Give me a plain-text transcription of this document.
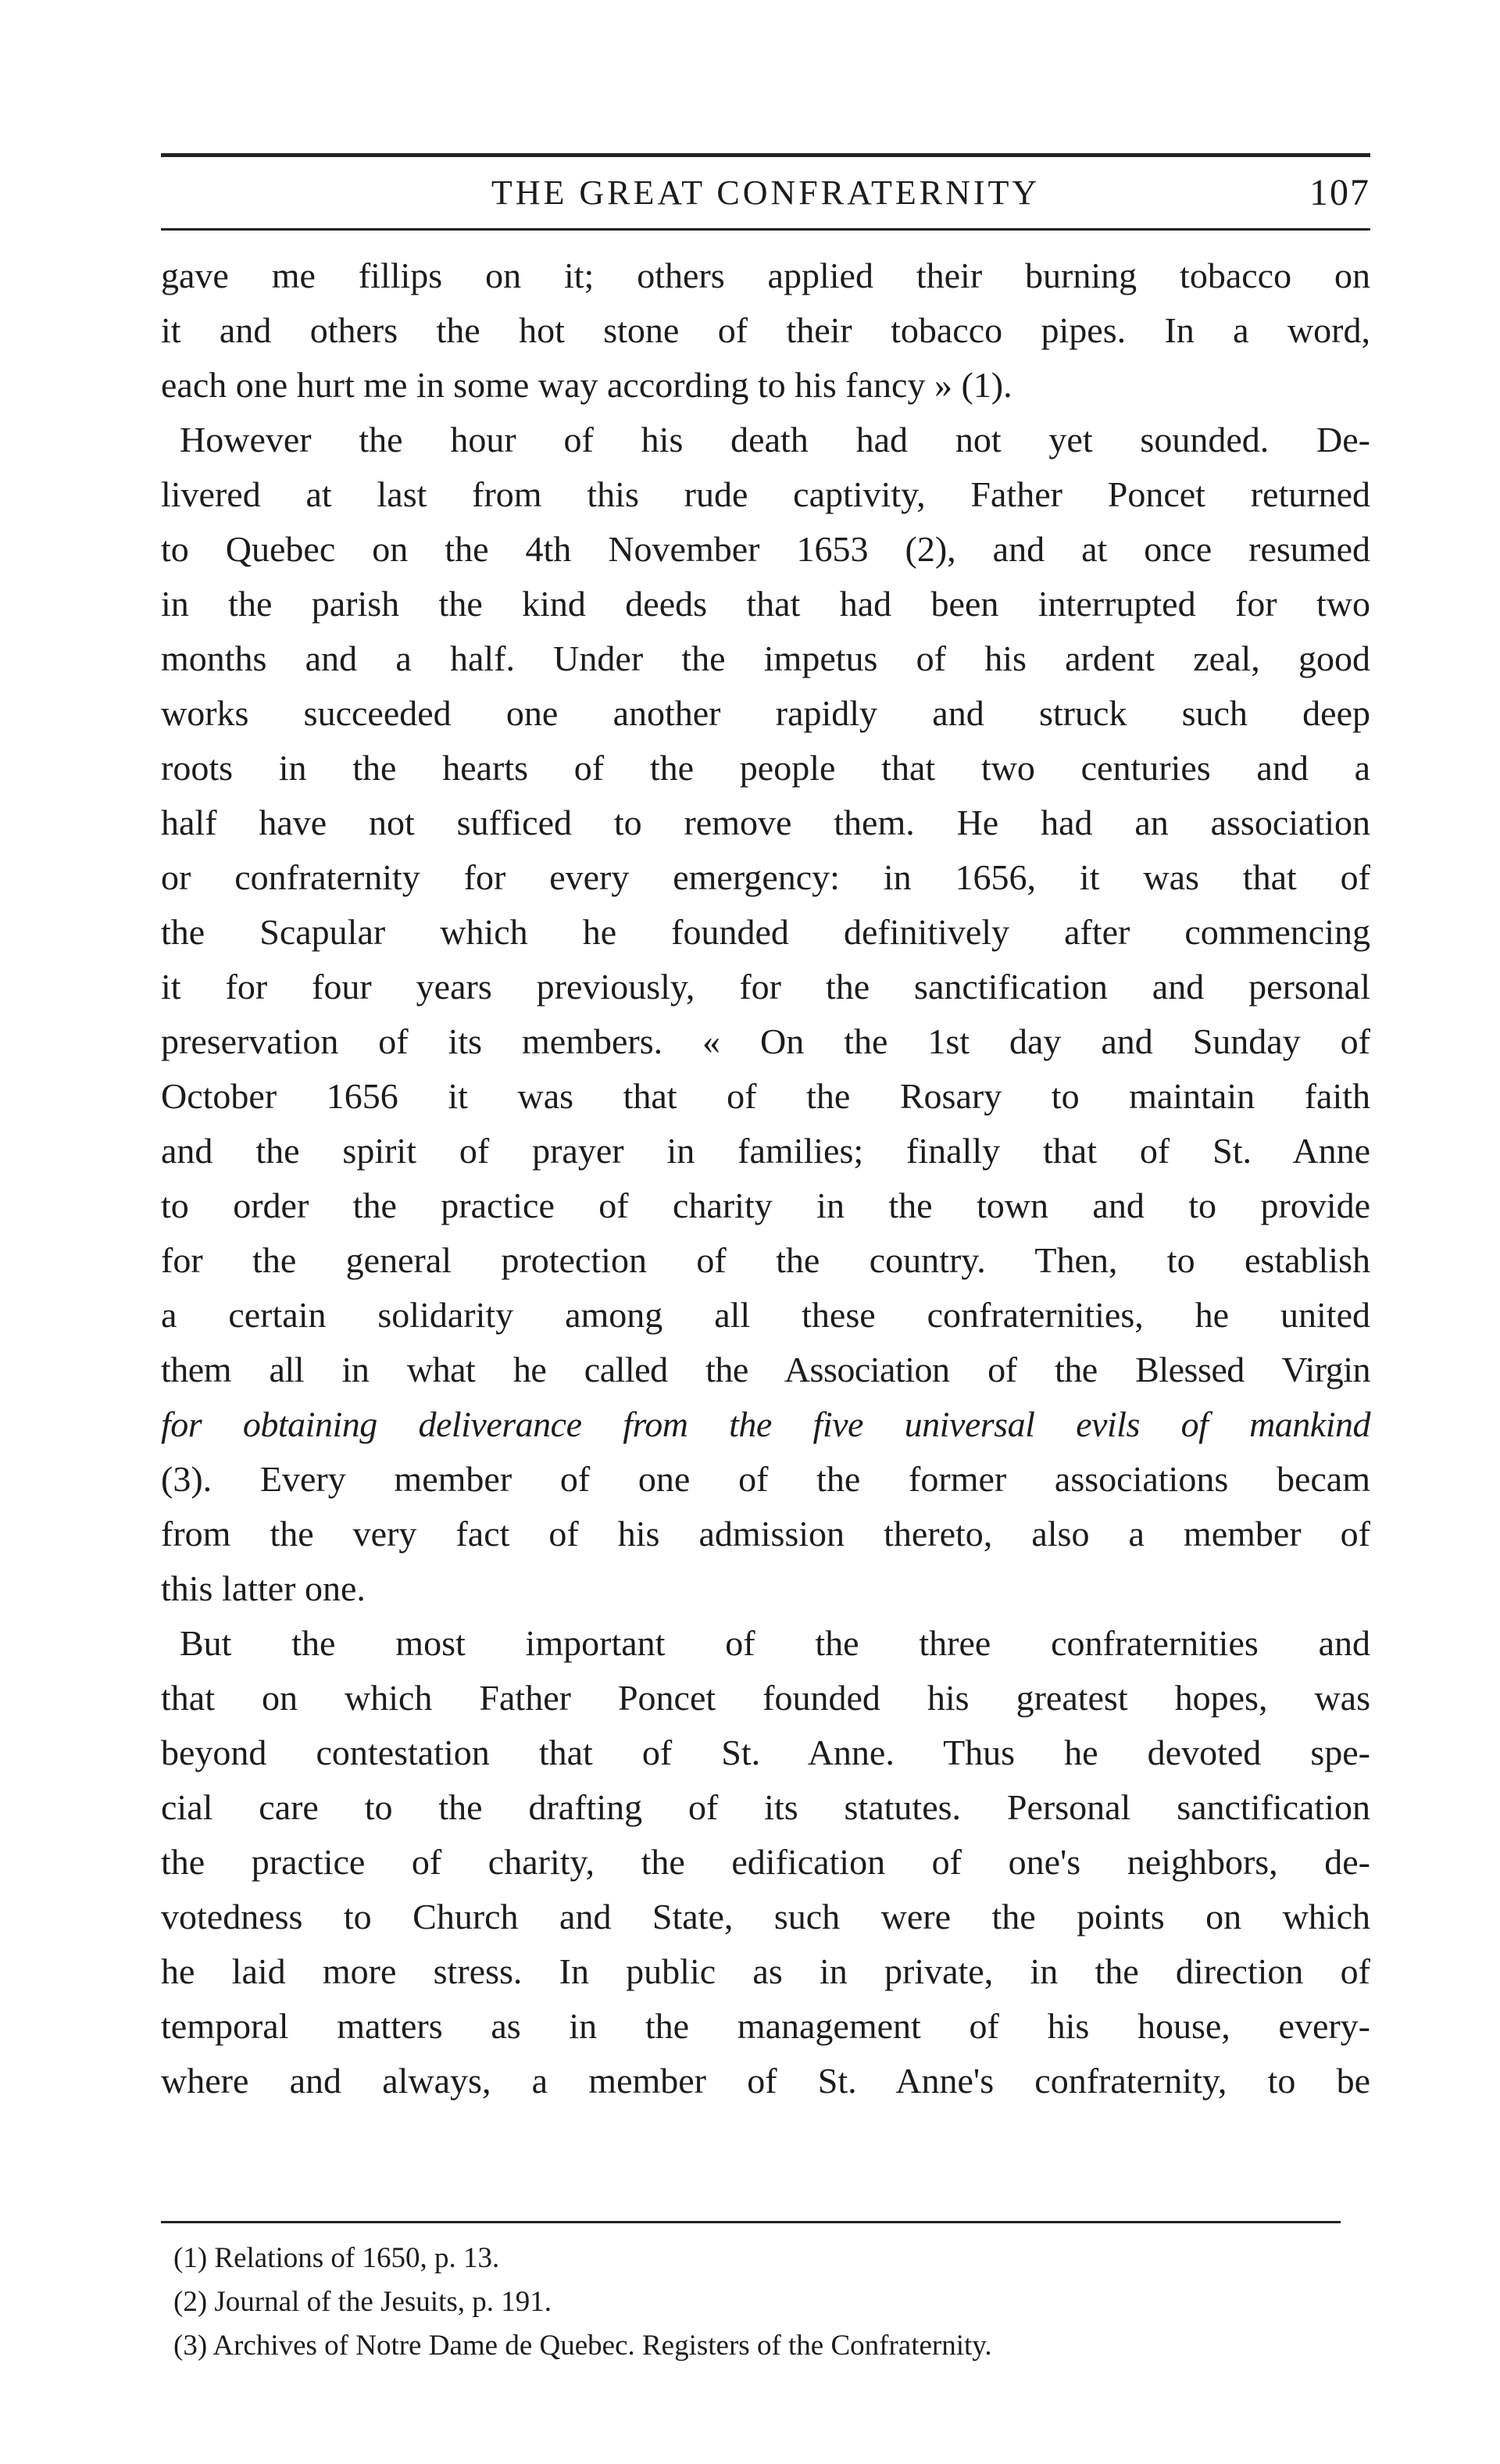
THE GREAT CONFRATERNITY	107
gave me fillips on it; others applied their burning tobacco on
it and others the hot stone of their tobacco pipes. In a word,
each one hurt me in some way according to his fancy » (1).
However the hour of his death had not yet sounded. De-
livered at last from this rude captivity, Father Poncet returned
to Quebec on the 4th November 1653 (2), and at once resumed
in the parish the kind deeds that had been interrupted for two
months and a half. Under the impetus of his ardent zeal, good
works succeeded one another rapidly and struck such deep
roots in the hearts of the people that two centuries and a
half have not sufficed to remove them. He had an association
or confraternity for every emergency: in 1656, it was that of
the Scapular which he founded definitively after commencing
it for four years previously, for the sanctification and personal
preservation of its members. « On the 1st day and Sunday of
October 1656 it was that of the Rosary to maintain faith
and the spirit of prayer in families; finally that of St. Anne
to order the practice of charity in the town and to provide
for the general protection of the country. Then, to establish
a certain solidarity among all these confraternities, he united
them all in what he called the Association of the Blessed Virgin
for obtaining deliverance from the five universal evils of mankind
(3). Every member of one of the former associations becam
from the very fact of his admission thereto, also a member of
this latter one.
But the most important of the three confraternities and
that on which Father Poncet founded his greatest hopes, was
beyond contestation that of St. Anne. Thus he devoted spe-
cial care to the drafting of its statutes. Personal sanctification
the practice of charity, the edification of one's neighbors, de-
votedness to Church and State, such were the points on which
he laid more stress. In public as in private, in the direction of
temporal matters as in the management of his house, every-
where and always, a member of St. Anne's confraternity, to be
(1) Relations of 1650, p. 13.
(2) Journal of the Jesuits, p. 191.
(3) Archives of Notre Dame de Quebec. Registers of the Confraternity.
